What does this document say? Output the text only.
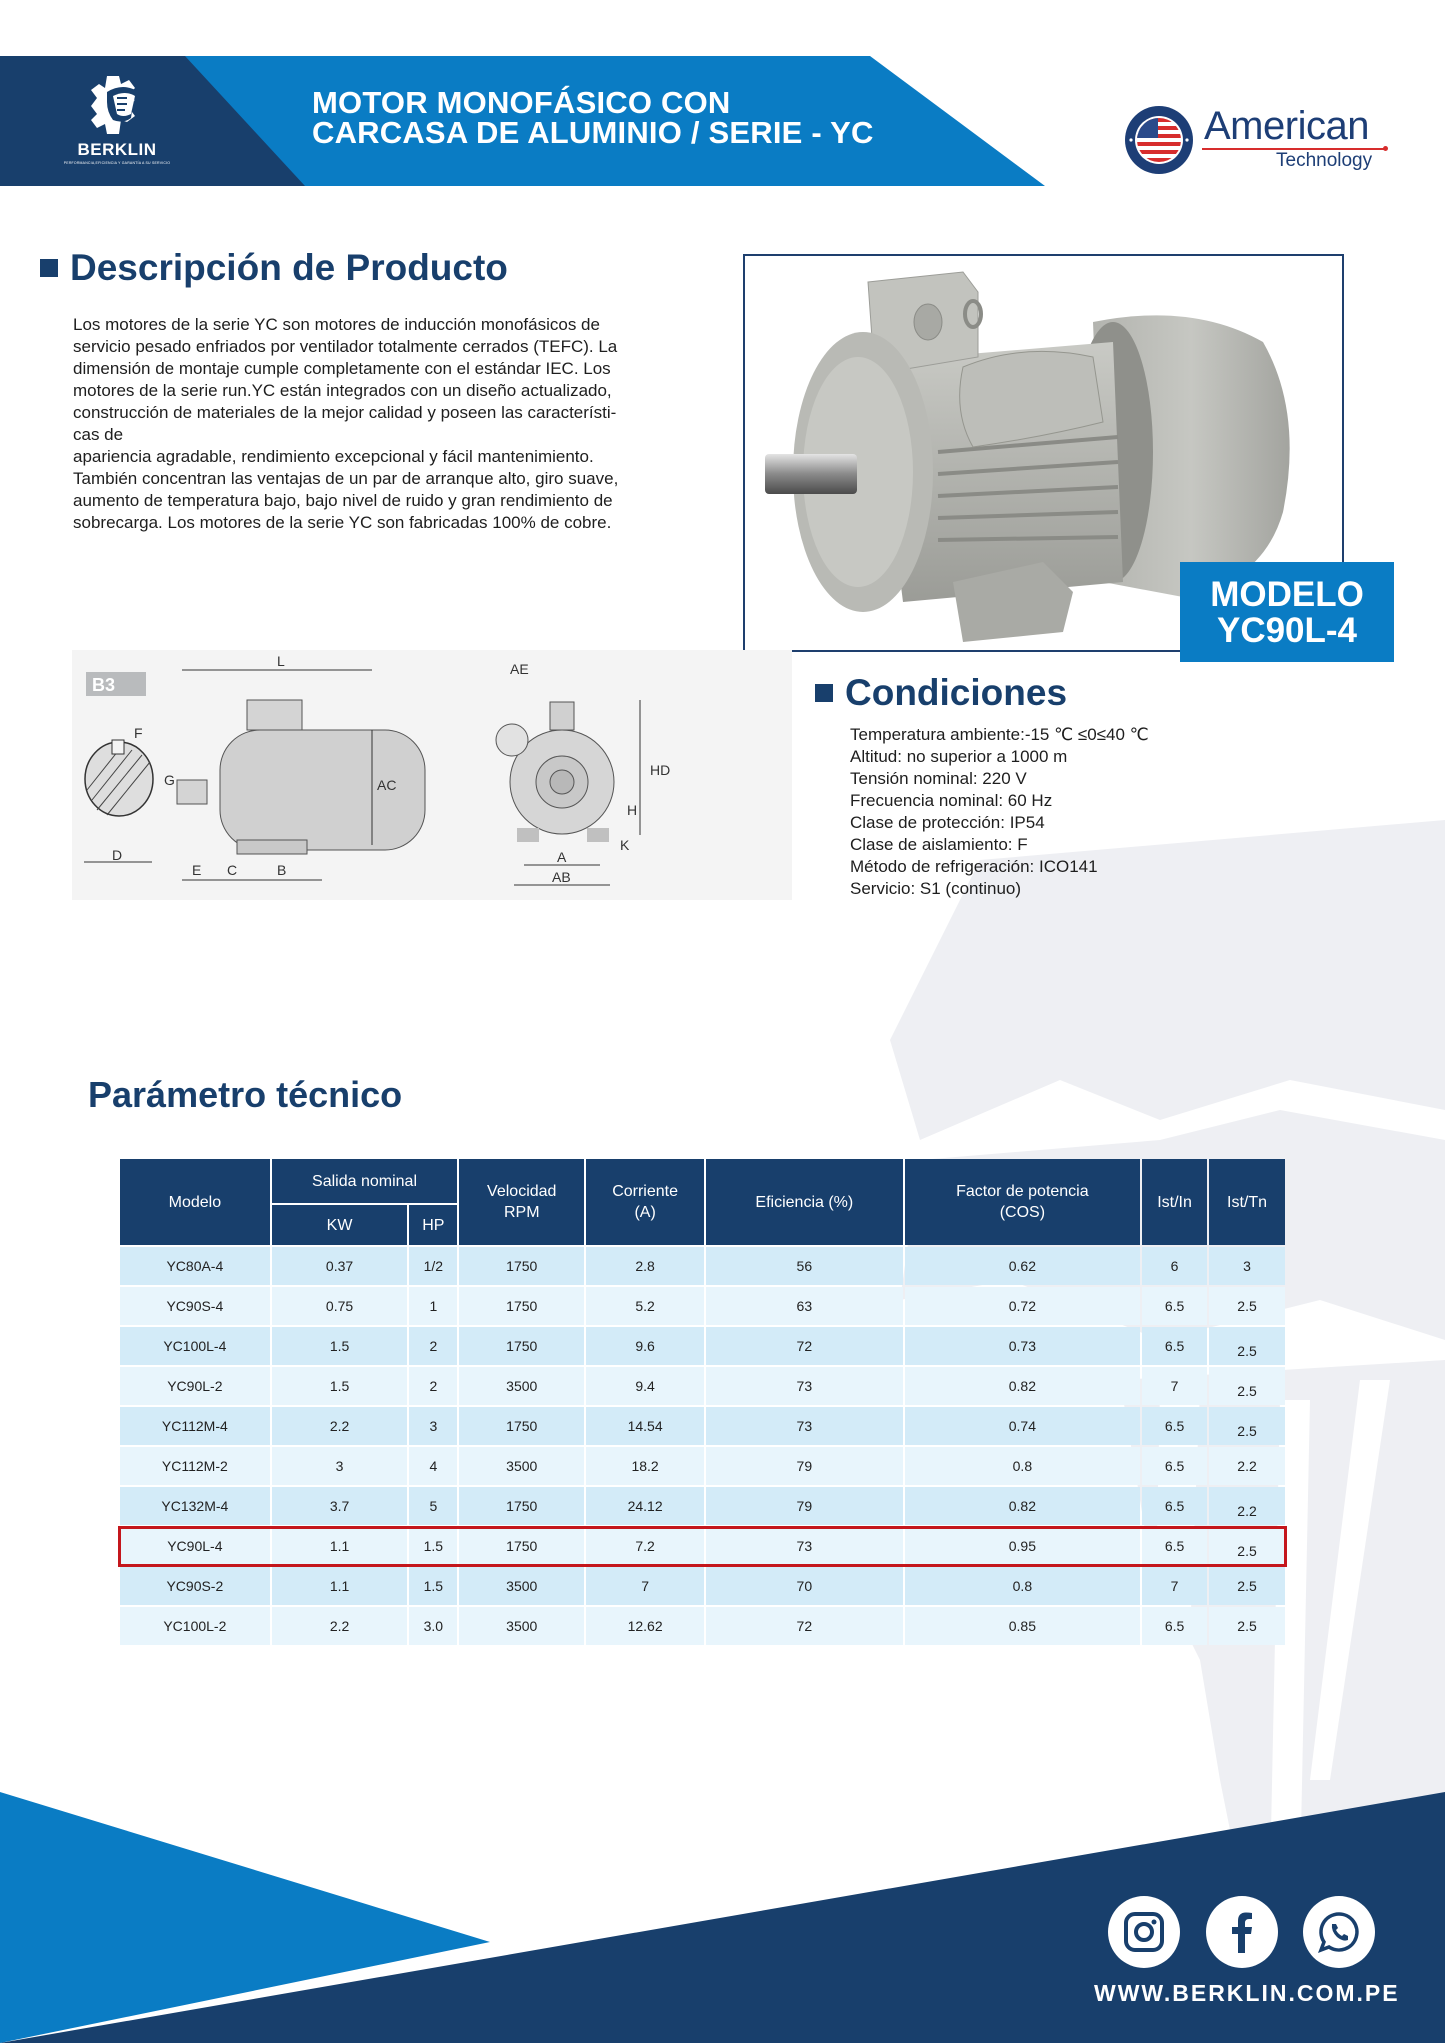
BERKLIN
PERFORMANCIA,EFICIENCIA Y GARANTÍA A SU SERVICIO
MOTOR MONOFÁSICO CON
CARCASA DE ALUMINIO / SERIE - YC	American
Technology
Descripción de Producto

Los motores de la serie YC son motores de inducción monofásicos de

servicio pesado enfriados por ventilador totalmente cerrados (TEFC). La

dimensión de montaje cumple completamente con el estándar IEC. Los

motores de la serie run.YC están integrados con un diseño actualizado,

construcción de materiales de la mejor calidad y poseen las característi-

cas de

apariencia agradable, rendimiento excepcional y fácil mantenimiento.

También concentran las ventajas de un par de arranque alto, giro suave,

aumento de temperatura bajo, bajo nivel de ruido y gran rendimiento de

sobrecarga. Los motores de la serie YC son fabricadas 100% de cobre.

MODELO
YC90L-4
B3
F
G
D
L
AC
E C	B
AE
HD
H
K
A
AB
Condiciones
Temperatura ambiente:-15 ℃ ≤0≤40 ℃
Altitud: no superior a 1000 m
Tensión nominal: 220 V
Frecuencia nominal: 60 Hz
Clase de protección: IP54
Clase de aislamiento: F
Método de refrigeración: ICO141
Servicio: S1 (continuo)
Parámetro técnico
Modelo	Salida nominal		Velocidad
RPM	Corriente
(A)	Eficiencia (%)	Factor de potencia
(COS)	Ist/In	Ist/Tn
	KW	HP						
YC80A-4	0.37	1/2	1750	2.8	56	0.62	6	3
YC90S-4	0.75	1	1750	5.2	63	0.72	6.5	2.5
YC100L-4	1.5	2	1750	9.6	72	0.73	6.5	2.5
YC90L-2	1.5	2	3500	9.4	73	0.82	7	2.5
YC112M-4	2.2	3	1750	14.54	73	0.74	6.5	2.5
YC112M-2	3	4	3500	18.2	79	0.8	6.5	2.2
YC132M-4	3.7	5	1750	24.12	79	0.82	6.5	2.2
YC90L-4	1.1	1.5	1750	7.2	73	0.95	6.5	2.5
YC90S-2	1.1	1.5	3500	7	70	0.8	7	2.5
YC100L-2	2.2	3.0	3500	12.62	72	0.85	6.5	2.5
WWW.BERKLIN.COM.PE
